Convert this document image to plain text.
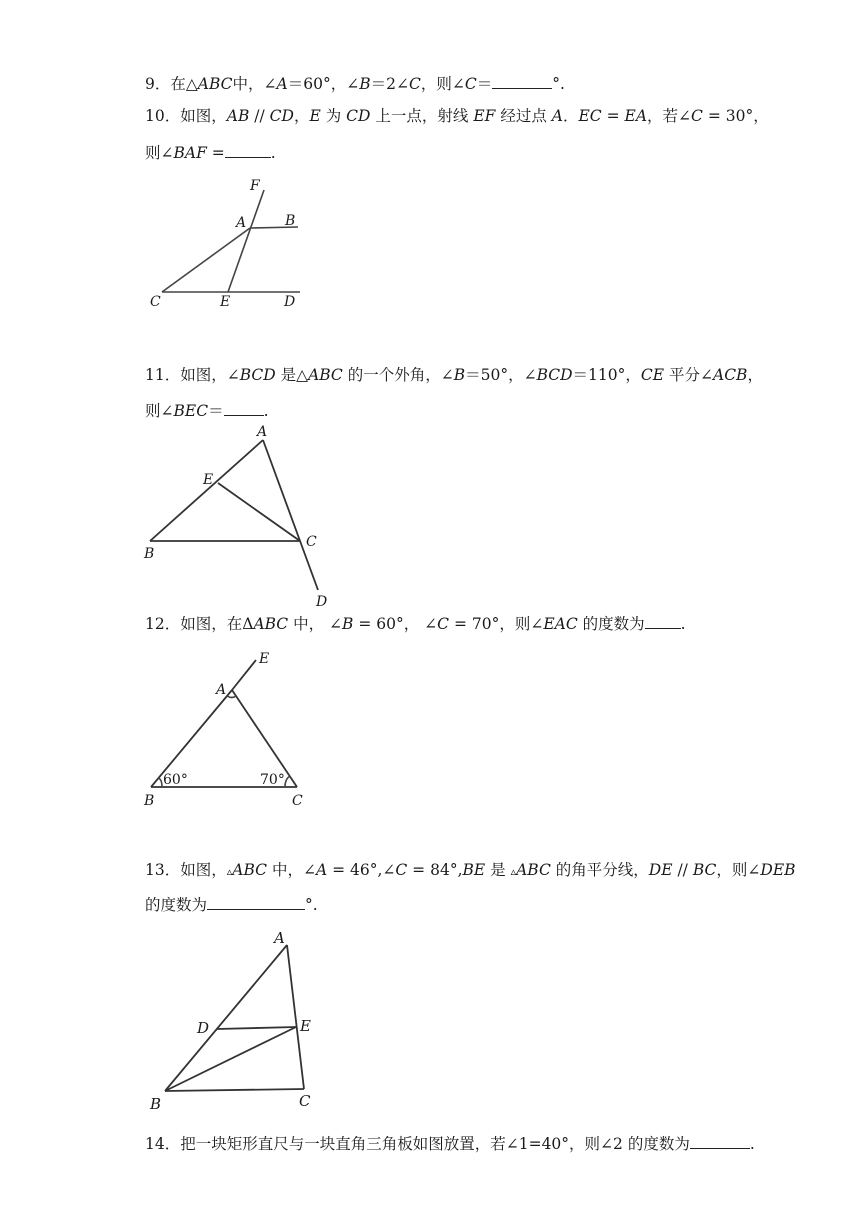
9．在△ABC中，∠A＝60°，∠B＝2∠C，则∠C＝	°.
10．如图，AB // CD，E 为 CD 上一点，射线 EF 经过点 A．EC = EA，若∠C = 30°，
则∠BAF =	.
F
A	B
C	E	D
11．如图，∠BCD 是△ABC 的一个外角，∠B＝50°，∠BCD＝110°，CE 平分∠ACB，
则∠BEC＝	.
A
E
B
C
D
12．如图，在ΔABC 中， ∠B = 60°， ∠C = 70°，则∠EAC 的度数为 .
E
A
B	C
60°	70°
13．如图，▵ABC 中，∠A = 46°,∠C = 84°,BE 是 ▵ABC 的角平分线，DE // BC，则∠DEB
的度数为	°.
A
D	E
B	C
14．把一块矩形直尺与一块直角三角板如图放置，若∠1=40°，则∠2 的度数为	.
